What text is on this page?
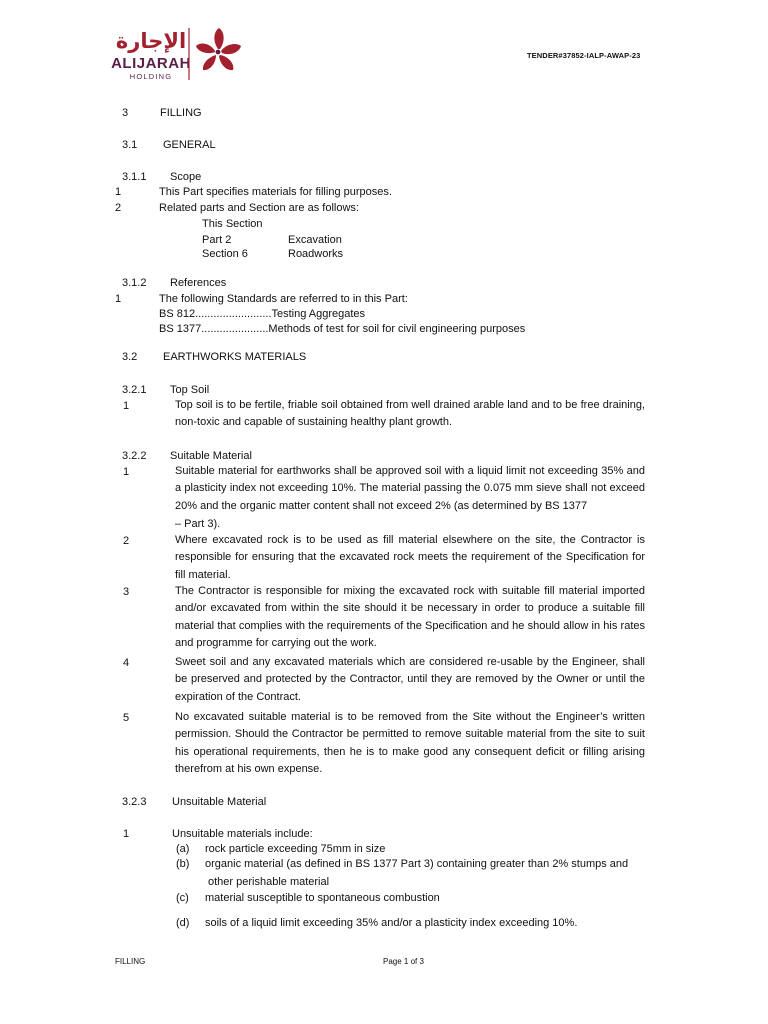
الإجارة
ALIJARAH
HOLDING
TENDER#37852-IALP-AWAP-23
3	FILLING
3.1 GENERAL
3.1.1 Scope
1	This Part specifies materials for filling purposes.
2	Related parts and Section are as follows:
This Section
Part 2	Excavation
Section 6	Roadworks
3.1.2 References
1	The following Standards are referred to in this Part:
BS 812.........................Testing Aggregates
BS 1377......................Methods of test for soil for civil engineering purposes
3.2 EARTHWORKS MATERIALS
3.2.1 Top Soil
1	Top soil is to be fertile, friable soil obtained from well drained arable land and to be free draining, non-toxic and capable of sustaining healthy plant growth.
3.2.2 Suitable Material
1	Suitable material for earthworks shall be approved soil with a liquid limit not exceeding 35% and a plasticity index not exceeding 10%. The material passing the 0.075 mm sieve shall not exceed 20% and the organic matter content shall not exceed 2% (as determined by BS 1377
– Part 3).
2	Where excavated rock is to be used as fill material elsewhere on the site, the Contractor is responsible for ensuring that the excavated rock meets the requirement of the Specification for fill material.
3	The Contractor is responsible for mixing the excavated rock with suitable fill material imported and/or excavated from within the site should it be necessary in order to produce a suitable fill material that complies with the requirements of the Specification and he should allow in his rates and programme for carrying out the work.
4	Sweet soil and any excavated materials which are considered re-usable by the Engineer, shall be preserved and protected by the Contractor, until they are removed by the Owner or until the expiration of the Contract.
5	No excavated suitable material is to be removed from the Site without the Engineer’s written permission. Should the Contractor be permitted to remove suitable material from the site to suit his operational requirements, then he is to make good any consequent deficit or filling arising therefrom at his own expense.
3.2.3 Unsuitable Material
1	Unsuitable materials include:
(a) rock particle exceeding 75mm in size
(b) organic material (as defined in BS 1377 Part 3) containing greater than 2% stumps and
other perishable material
(c) material susceptible to spontaneous combustion
(d) soils of a liquid limit exceeding 35% and/or a plasticity index exceeding 10%.
FILLING	Page 1 of 3
